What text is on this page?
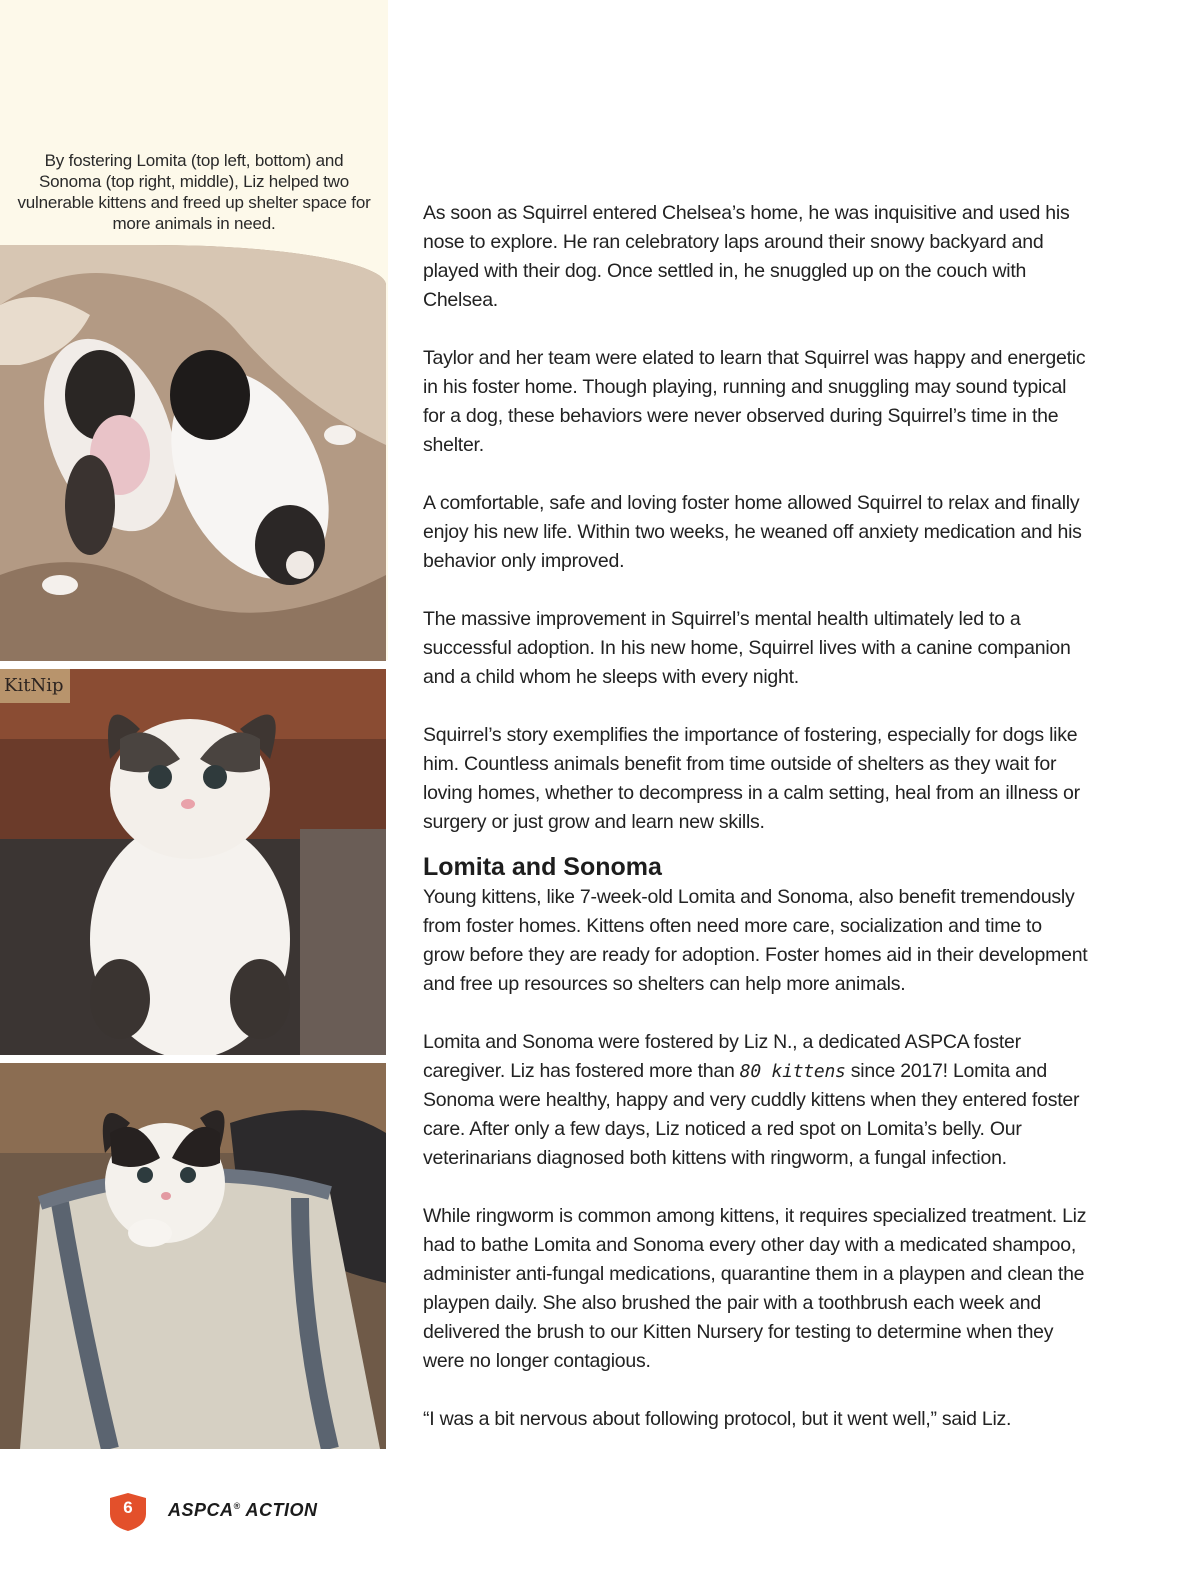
By fostering Lomita (top left, bottom) and Sonoma (top right, middle), Liz helped two vulnerable kittens and freed up shelter space for more animals in need.
KitNip

As soon as Squirrel entered Chelsea’s home, he was inquisitive and used his nose to explore. He ran celebratory laps around their snowy backyard and played with their dog. Once settled in, he snuggled up on the couch with Chelsea.

Taylor and her team were elated to learn that Squirrel was happy and energetic in his foster home. Though playing, running and snuggling may sound typical for a dog, these behaviors were never observed during Squirrel’s time in the shelter.

A comfortable, safe and loving foster home allowed Squirrel to relax and finally enjoy his new life. Within two weeks, he weaned off anxiety medication and his behavior only improved.

The massive improvement in Squirrel’s mental health ultimately led to a successful adoption. In his new home, Squirrel lives with a canine companion and a child whom he sleeps with every night.

Squirrel’s story exemplifies the importance of fostering, especially for dogs like him. Countless animals benefit from time outside of shelters as they wait for loving homes, whether to decompress in a calm setting, heal from an illness or surgery or just grow and learn new skills.

Lomita and Sonoma

Young kittens, like 7-week-old Lomita and Sonoma, also benefit tremendously from foster homes. Kittens often need more care, socialization and time to grow before they are ready for adoption. Foster homes aid in their development and free up resources so shelters can help more animals.

Lomita and Sonoma were fostered by Liz N., a dedicated ASPCA foster caregiver. Liz has fostered more than 80 kittens since 2017! Lomita and Sonoma were healthy, happy and very cuddly kittens when they entered foster care. After only a few days, Liz noticed a red spot on Lomita’s belly. Our veterinarians diagnosed both kittens with ringworm, a fungal infection.

While ringworm is common among kittens, it requires specialized treatment. Liz had to bathe Lomita and Sonoma every other day with a medicated shampoo, administer anti-fungal medications, quarantine them in a playpen and clean the playpen daily. She also brushed the pair with a toothbrush each week and delivered the brush to our Kitten Nursery for testing to determine when they were no longer contagious.

“I was a bit nervous about following protocol, but it went well,” said Liz.

6	ASPCA® ACTION
